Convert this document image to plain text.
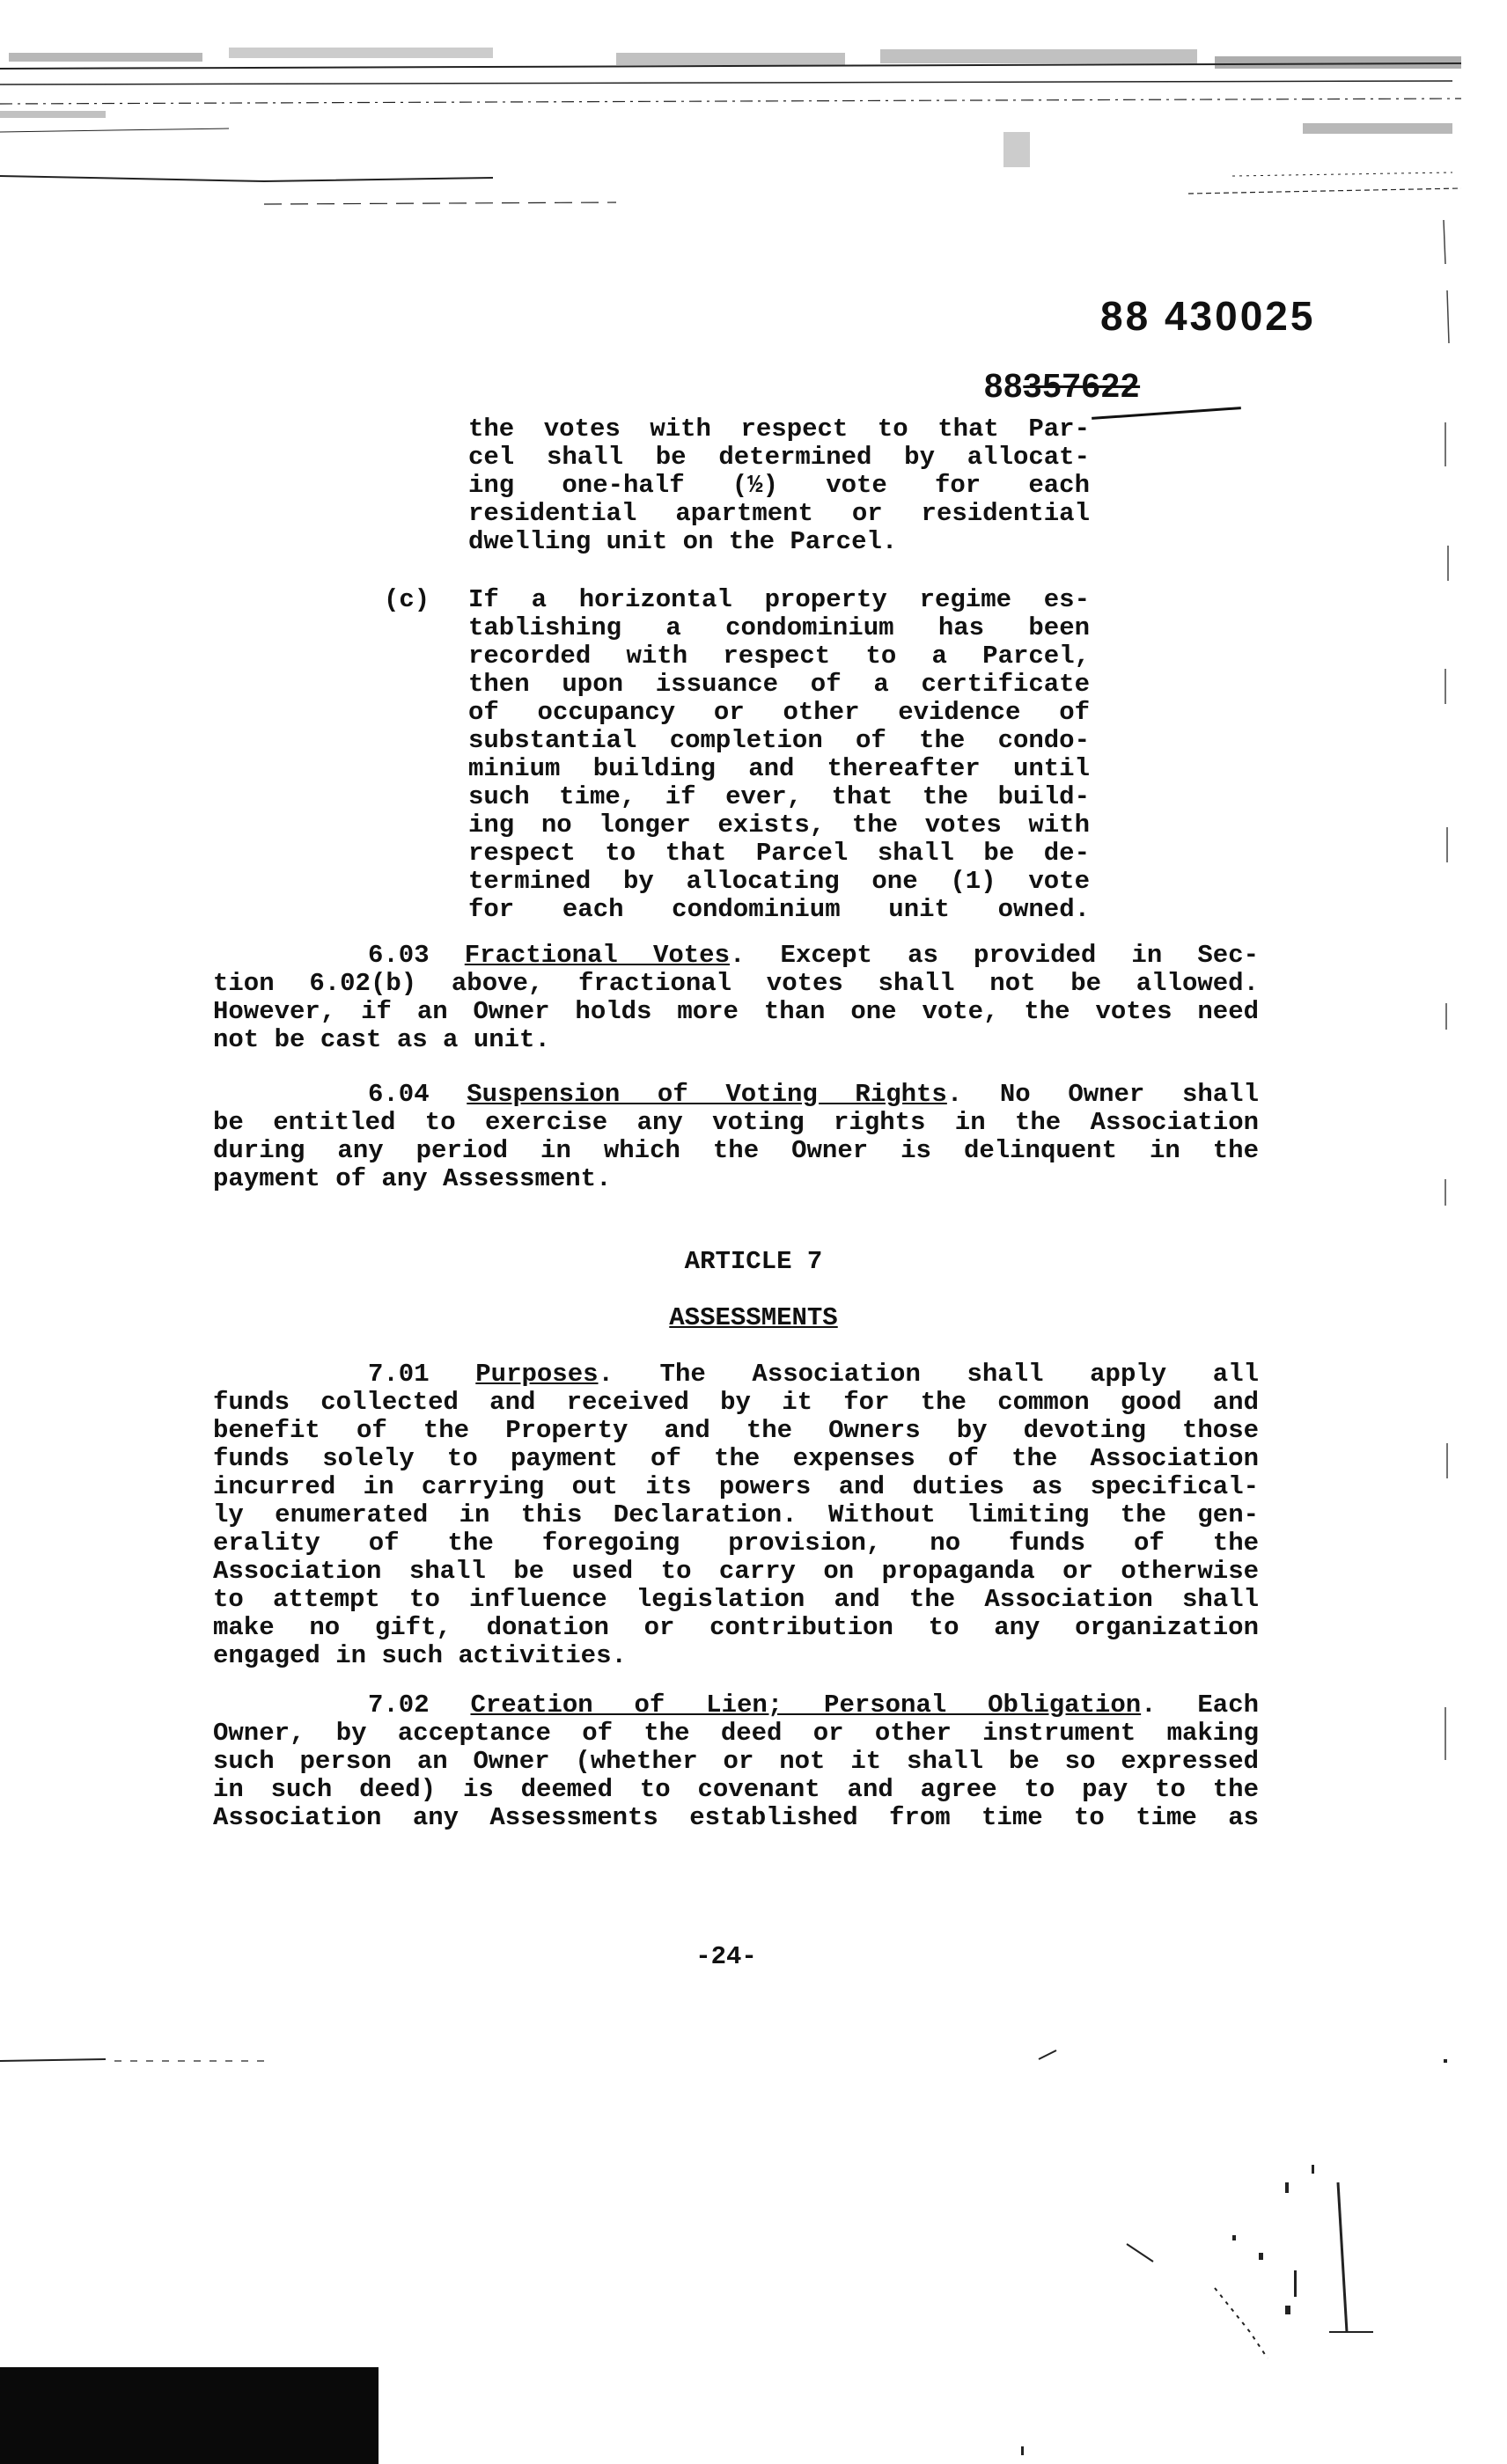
88 430025
88357622
the votes with respect to that Par-
cel shall be determined by allocat-
ing one-half (½) vote for each
residential apartment or residential
dwelling unit on the Parcel.
(c) If a horizontal property regime es-
tablishing a condominium has been
recorded with respect to a Parcel,
then upon issuance of a certificate
of occupancy or other evidence of
substantial completion of the condo-
minium building and thereafter until
such time, if ever, that the build-
ing no longer exists, the votes with
respect to that Parcel shall be de-
termined by allocating one (1) vote
for each condominium unit owned.
6.03 Fractional Votes. Except as provided in Sec-
tion 6.02(b) above, fractional votes shall not be allowed.
However, if an Owner holds more than one vote, the votes need
not be cast as a unit.
6.04 Suspension of Voting Rights. No Owner shall
be entitled to exercise any voting rights in the Association
during any period in which the Owner is delinquent in the
payment of any Assessment.
ARTICLE 7
ASSESSMENTS
7.01 Purposes. The Association shall apply all
funds collected and received by it for the common good and
benefit of the Property and the Owners by devoting those
funds solely to payment of the expenses of the Association
incurred in carrying out its powers and duties as specifical-
ly enumerated in this Declaration. Without limiting the gen-
erality of the foregoing provision, no funds of the
Association shall be used to carry on propaganda or otherwise
to attempt to influence legislation and the Association shall
make no gift, donation or contribution to any organization
engaged in such activities.
7.02 Creation of Lien; Personal Obligation. Each
Owner, by acceptance of the deed or other instrument making
such person an Owner (whether or not it shall be so expressed
in such deed) is deemed to covenant and agree to pay to the
Association any Assessments established from time to time as
-24-
